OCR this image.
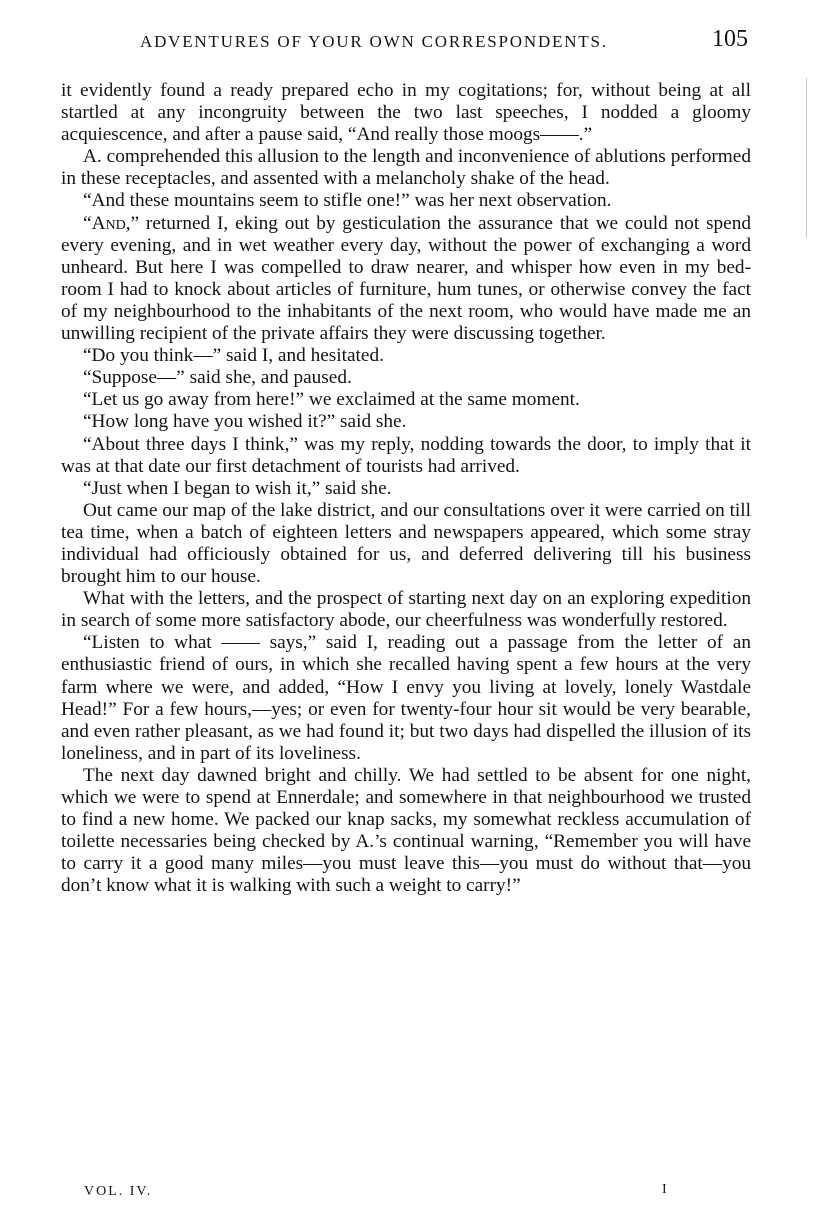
ADVENTURES OF YOUR OWN CORRESPONDENTS.	105

it evidently found a ready prepared echo in my cogitations; for, without being at all startled at any incongruity between the two last speeches, I nodded a gloomy acquiescence, and after a pause said, “And really those moogs——.”

A. comprehended this allusion to the length and inconvenience of ablutions performed in these receptacles, and assented with a melancholy shake of the head.

“And these mountains seem to stifle one!” was her next observation.

“And,” returned I, eking out by gesticulation the assurance that we could not spend every evening, and in wet weather every day, without the power of exchanging a word unheard. But here I was compelled to draw nearer, and whisper how even in my bed-room I had to knock about articles of furniture, hum tunes, or otherwise convey the fact of my neighbourhood to the inhabitants of the next room, who would have made me an unwilling recipient of the private affairs they were discussing together.

“Do you think—” said I, and hesitated.

“Suppose—” said she, and paused.

“Let us go away from here!” we exclaimed at the same moment.

“How long have you wished it?” said she.

“About three days I think,” was my reply, nodding towards the door, to imply that it was at that date our first detachment of tourists had arrived.

“Just when I began to wish it,” said she.

Out came our map of the lake district, and our consultations over it were carried on till tea time, when a batch of eighteen letters and newspapers appeared, which some stray individual had officiously obtained for us, and deferred delivering till his business brought him to our house.

What with the letters, and the prospect of starting next day on an exploring expedition in search of some more satisfactory abode, our cheerfulness was wonderfully restored.

“Listen to what —— says,” said I, reading out a passage from the letter of an enthusiastic friend of ours, in which she recalled having spent a few hours at the very farm where we were, and added, “How I envy you living at lovely, lonely Wastdale Head!” For a few hours,—yes; or even for twenty-four hour sit would be very bearable, and even rather pleasant, as we had found it; but two days had dispelled the illusion of its loneliness, and in part of its loveliness.

The next day dawned bright and chilly. We had settled to be absent for one night, which we were to spend at Ennerdale; and somewhere in that neighbourhood we trusted to find a new home. We packed our knap sacks, my somewhat reckless accumulation of toilette necessaries being checked by A.’s continual warning, “Remember you will have to carry it a good many miles—you must leave this—you must do without that—you don’t know what it is walking with such a weight to carry!”

VOL. IV.	I
